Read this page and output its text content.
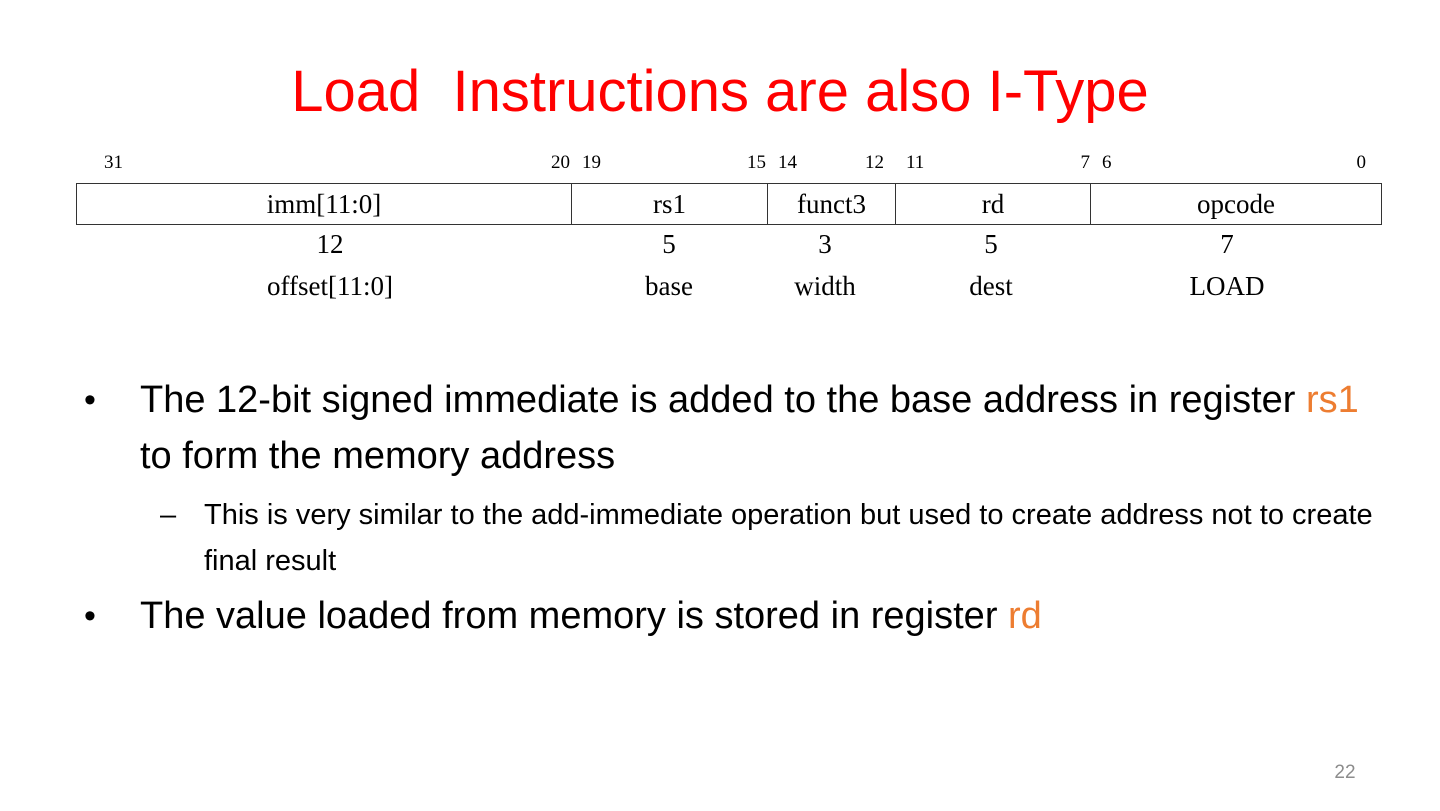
Load  Instructions are also I-Type
31	20 19	15 14	12 11	7 6	0
imm[11:0]	rs1	funct3	rd	opcode
12	5	3	5	7
offset[11:0]	base	width	dest	LOAD
• The 12-bit signed immediate is added to the base address in register rs1 to form the memory address
– This is very similar to the add-immediate operation but used to create address not to create final result
• The value loaded from memory is stored in register rd
22
